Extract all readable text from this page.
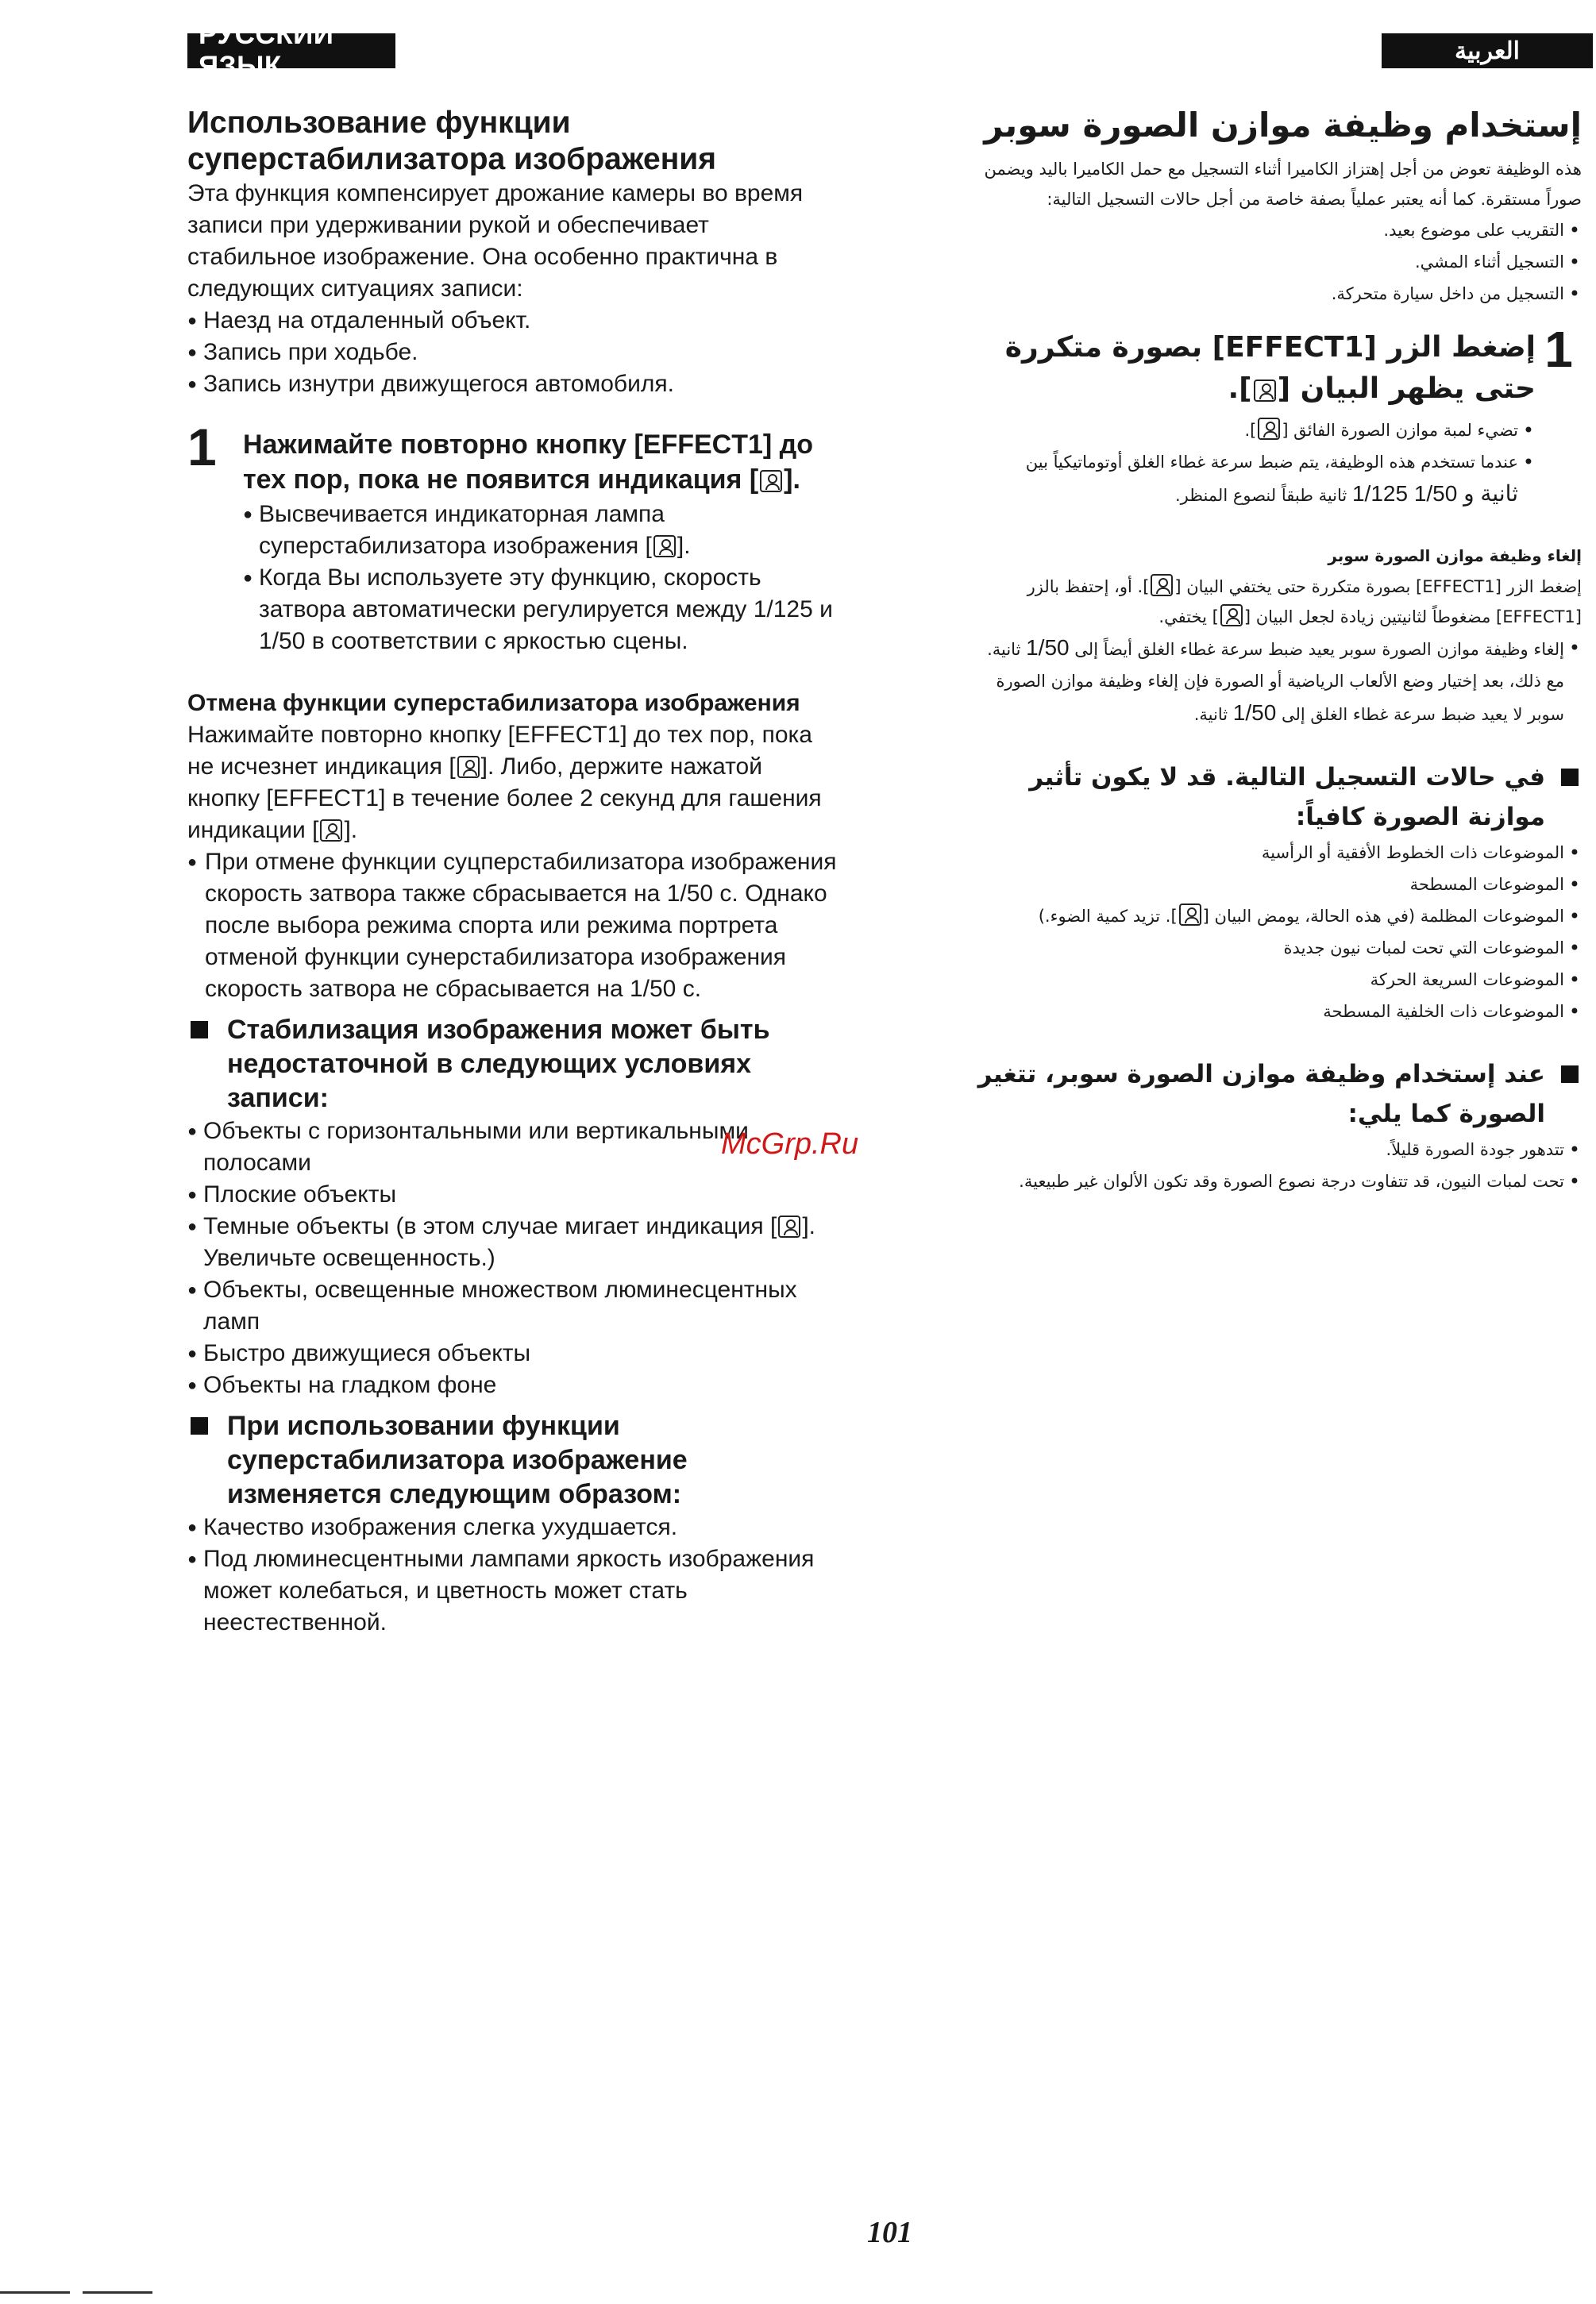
РУССКИЙ ЯЗЫК	العربية
Использование функции суперстабилизатора изображения

Эта функция компенсирует дрожание камеры во время записи при удерживании рукой и обеспечивает стабильное изображение. Она особенно практична в следующих ситуациях записи:

● Наезд на отдаленный объект.
● Запись при ходьбе.
● Запись изнутри движущегося автомобиля.
1 Нажимайте повторно кнопку [EFFECT1] до тех пор, пока не появится индикация [ ].

● Высвечивается индикаторная лампа суперстабилизатора изображения [ ].
● Когда Вы используете эту функцию, скорость затвора автоматически регулируется между 1/125 и 1/50 в соответствии с яркостью сцены.
Отмена функции суперстабилизатора изображения

Нажимайте повторно кнопку [EFFECT1] до тех пор, пока не исчезнет индикация [ ]. Либо, держите нажатой кнопку [EFFECT1] в течение более 2 секунд для гашения индикации [ ].

● При отмене функции суцперстабилизатора изображения скорость затвора также сбрасывается на 1/50 с. Однако после выбора режима спорта или режима портрета отменой функции сунерстабилизатора изображения скорость затвора не сбрасывается на 1/50 с.
Стабилизация изображения может быть недостаточной в следующих условиях записи:
● Объекты с горизонтальными или вертикальными полосами
● Плоские объекты
● Темные объекты (в этом случае мигает индикация [ ]. Увеличьте освещенность.)
● Объекты, освещенные множеством люминесцентных ламп
● Быстро движущиеся объекты
● Объекты на гладком фоне
При использовании функции суперстабилизатора изображение изменяется следующим образом:
● Качество изображения слегка ухудшается.
● Под люминесцентными лампами яркость изображения может колебаться, и цветность может стать неестественной.
إستخدام وظيفة موازن الصورة سوبر

هذه الوظيفة تعوض من أجل إهتزاز الكاميرا أثناء التسجيل مع حمل الكاميرا باليد ويضمن صوراً مستقرة. كما أنه يعتبر عملياً بصفة خاصة من أجل حالات التسجيل التالية:

• التقريب على موضوع بعيد.
• التسجيل أثناء المشي.
• التسجيل من داخل سيارة متحركة.
1

إضغط الزر [EFFECT1] بصورة متكررة حتى يظهر البيان [].

• تضيء لمبة موازن الصورة الفائق [].
• عندما تستخدم هذه الوظيفة، يتم ضبط سرعة غطاء الغلق أوتوماتيكياً بين 1/125 ثانية و 1/50 ثانية طبقاً لنصوع المنظر.
إلغاء وظيفة موازن الصورة سوبر

إضغط الزر [EFFECT1] بصورة متكررة حتى يختفي البيان []. أو، إحتفظ بالزر [EFFECT1] مضغوطاً لثانيتين زيادة لجعل البيان [] يختفي.

• إلغاء وظيفة موازن الصورة سوبر يعيد ضبط سرعة غطاء الغلق أيضاً إلى 1/50 ثانية. مع ذلك، بعد إختيار وضع الألعاب الرياضية أو الصورة فإن إلغاء وظيفة موازن الصورة سوبر لا يعيد ضبط سرعة غطاء الغلق إلى 1/50 ثانية.
في حالات التسجيل التالية. قد لا يكون تأثير موازنة الصورة كافياً:
• الموضوعات ذات الخطوط الأفقية أو الرأسية
• الموضوعات المسطحة
• الموضوعات المظلمة (في هذه الحالة، يومض البيان []. تزيد كمية الضوء.)
• الموضوعات التي تحت لمبات نيون جديدة
• الموضوعات السريعة الحركة
• الموضوعات ذات الخلفية المسطحة
عند إستخدام وظيفة موازن الصورة سوبر، تتغير الصورة كما يلي:
• تتدهور جودة الصورة قليلاً.
• تحت لمبات النيون، قد تتفاوت درجة نصوع الصورة وقد تكون الألوان غير طبيعية.
McGrp.Ru
101
